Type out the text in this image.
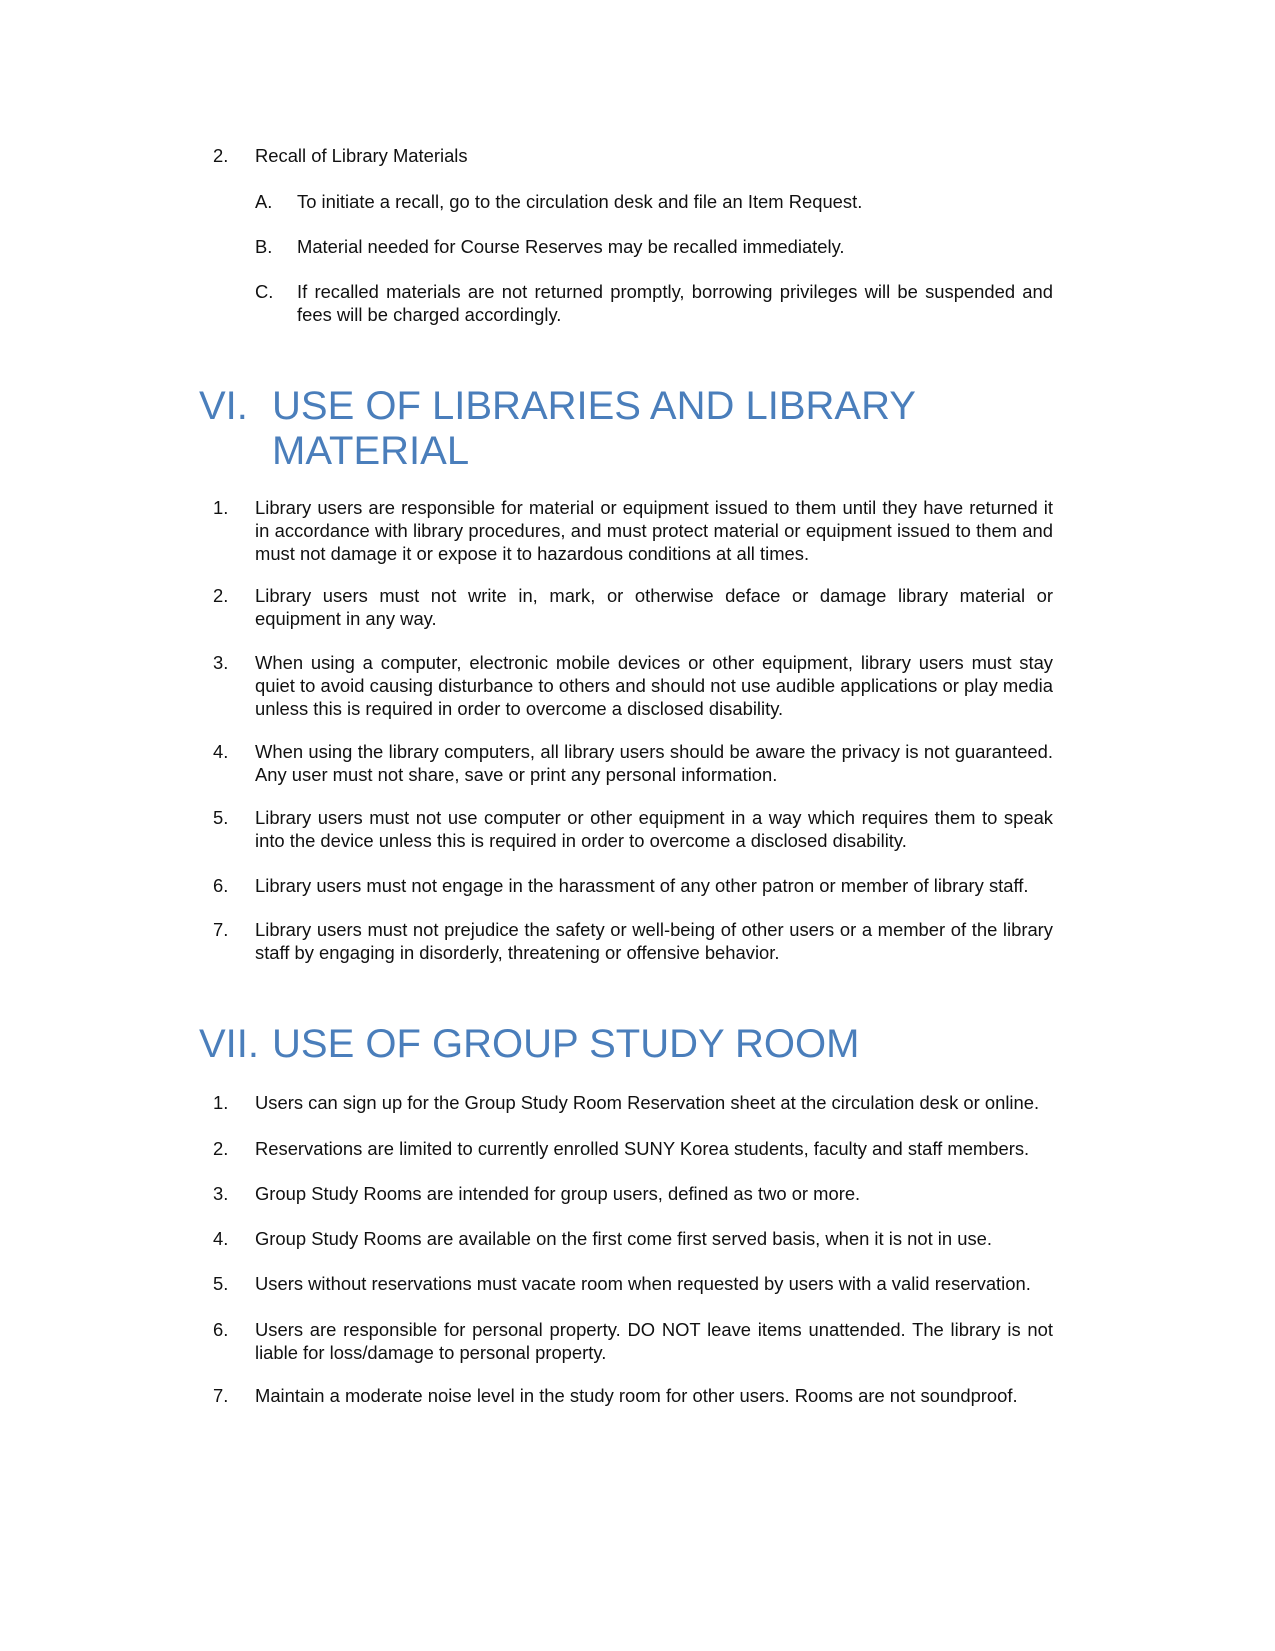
2. Recall of Library Materials
A. To initiate a recall, go to the circulation desk and file an Item Request.
B. Material needed for Course Reserves may be recalled immediately.
C. If recalled materials are not returned promptly, borrowing privileges will be suspended and fees will be charged accordingly.
VI. USE OF LIBRARIES AND LIBRARY MATERIAL
1. Library users are responsible for material or equipment issued to them until they have returned it in accordance with library procedures, and must protect material or equipment issued to them and must not damage it or expose it to hazardous conditions at all times.
2. Library users must not write in, mark, or otherwise deface or damage library material or equipment in any way.
3. When using a computer, electronic mobile devices or other equipment, library users must stay quiet to avoid causing disturbance to others and should not use audible applications or play media unless this is required in order to overcome a disclosed disability.
4. When using the library computers, all library users should be aware the privacy is not guaranteed. Any user must not share, save or print any personal information.
5. Library users must not use computer or other equipment in a way which requires them to speak into the device unless this is required in order to overcome a disclosed disability.
6. Library users must not engage in the harassment of any other patron or member of library staff.
7. Library users must not prejudice the safety or well-being of other users or a member of the library staff by engaging in disorderly, threatening or offensive behavior.
VII. USE OF GROUP STUDY ROOM
1. Users can sign up for the Group Study Room Reservation sheet at the circulation desk or online.
2. Reservations are limited to currently enrolled SUNY Korea students, faculty and staff members.
3. Group Study Rooms are intended for group users, defined as two or more.
4. Group Study Rooms are available on the first come first served basis, when it is not in use.
5. Users without reservations must vacate room when requested by users with a valid reservation.
6. Users are responsible for personal property. DO NOT leave items unattended. The library is not liable for loss/damage to personal property.
7. Maintain a moderate noise level in the study room for other users. Rooms are not soundproof.
